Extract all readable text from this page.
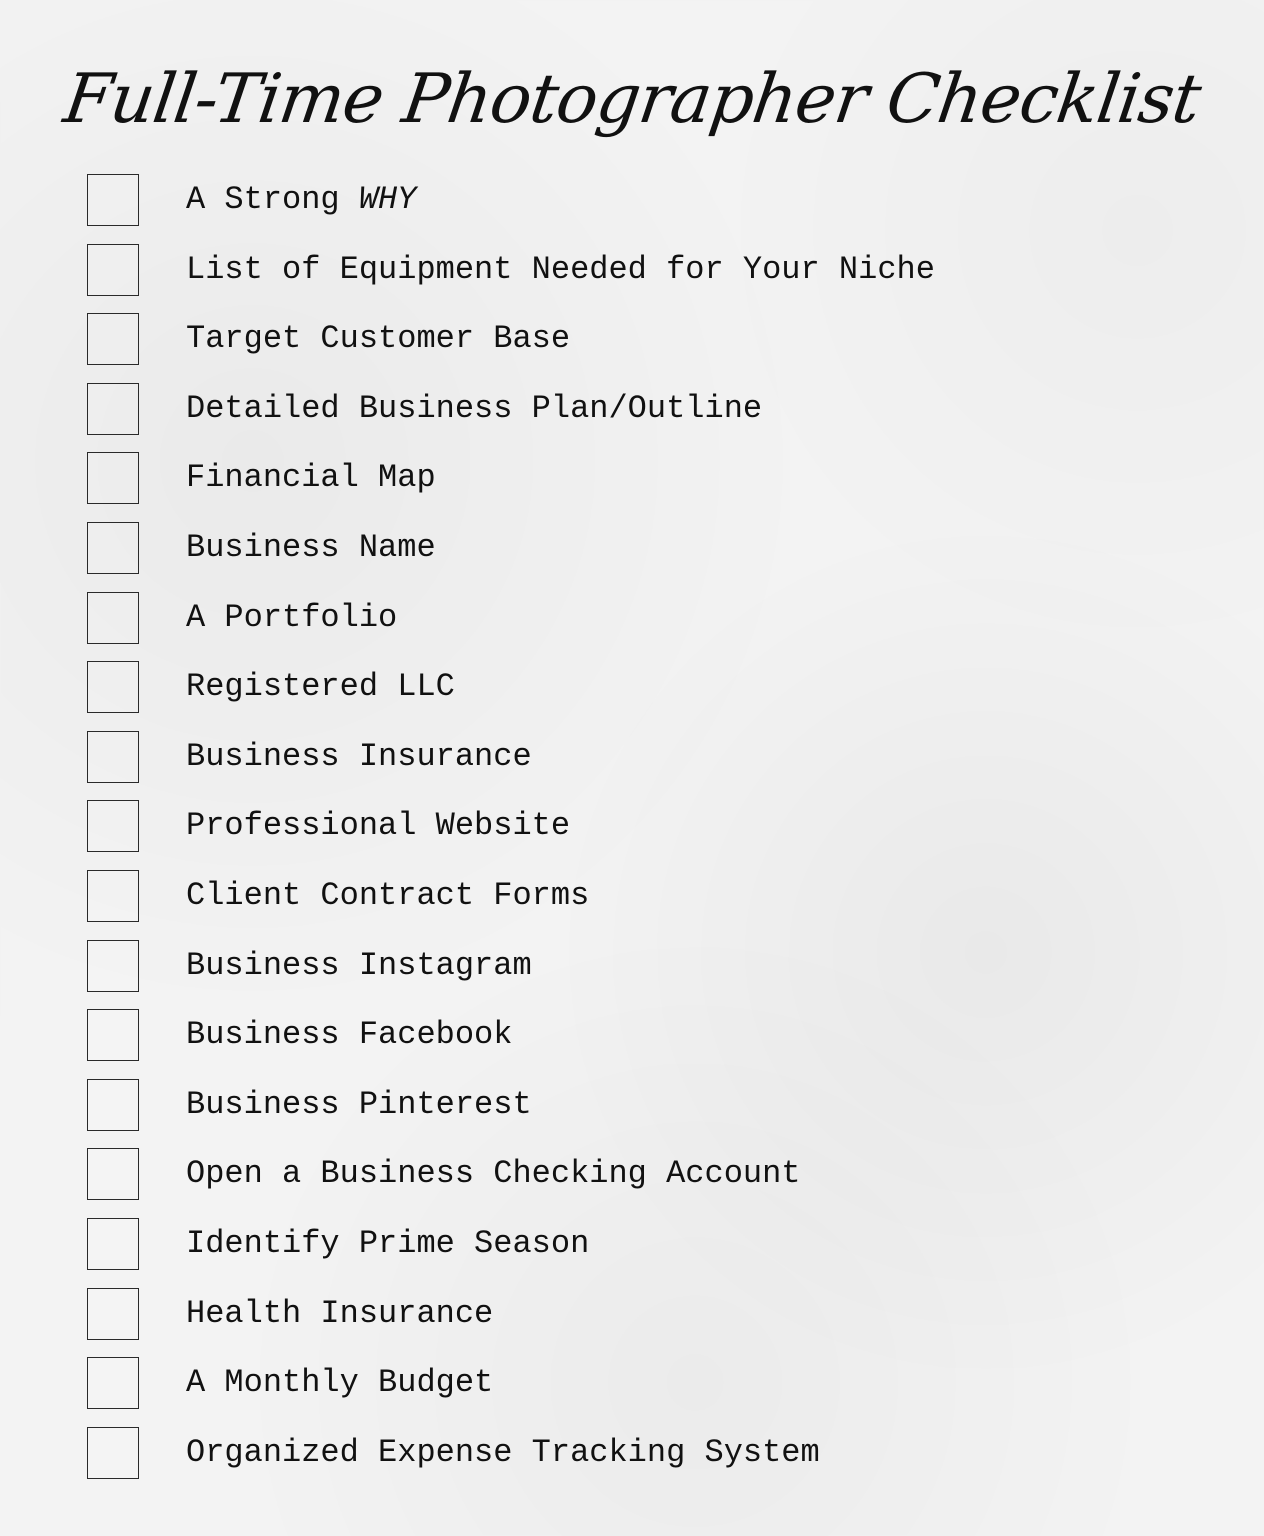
Full-Time Photographer Checklist
A Strong WHY
List of Equipment Needed for Your Niche
Target Customer Base
Detailed Business Plan/Outline
Financial Map
Business Name
A Portfolio
Registered LLC
Business Insurance
Professional Website
Client Contract Forms
Business Instagram
Business Facebook
Business Pinterest
Open a Business Checking Account
Identify Prime Season
Health Insurance
A Monthly Budget
Organized Expense Tracking System
